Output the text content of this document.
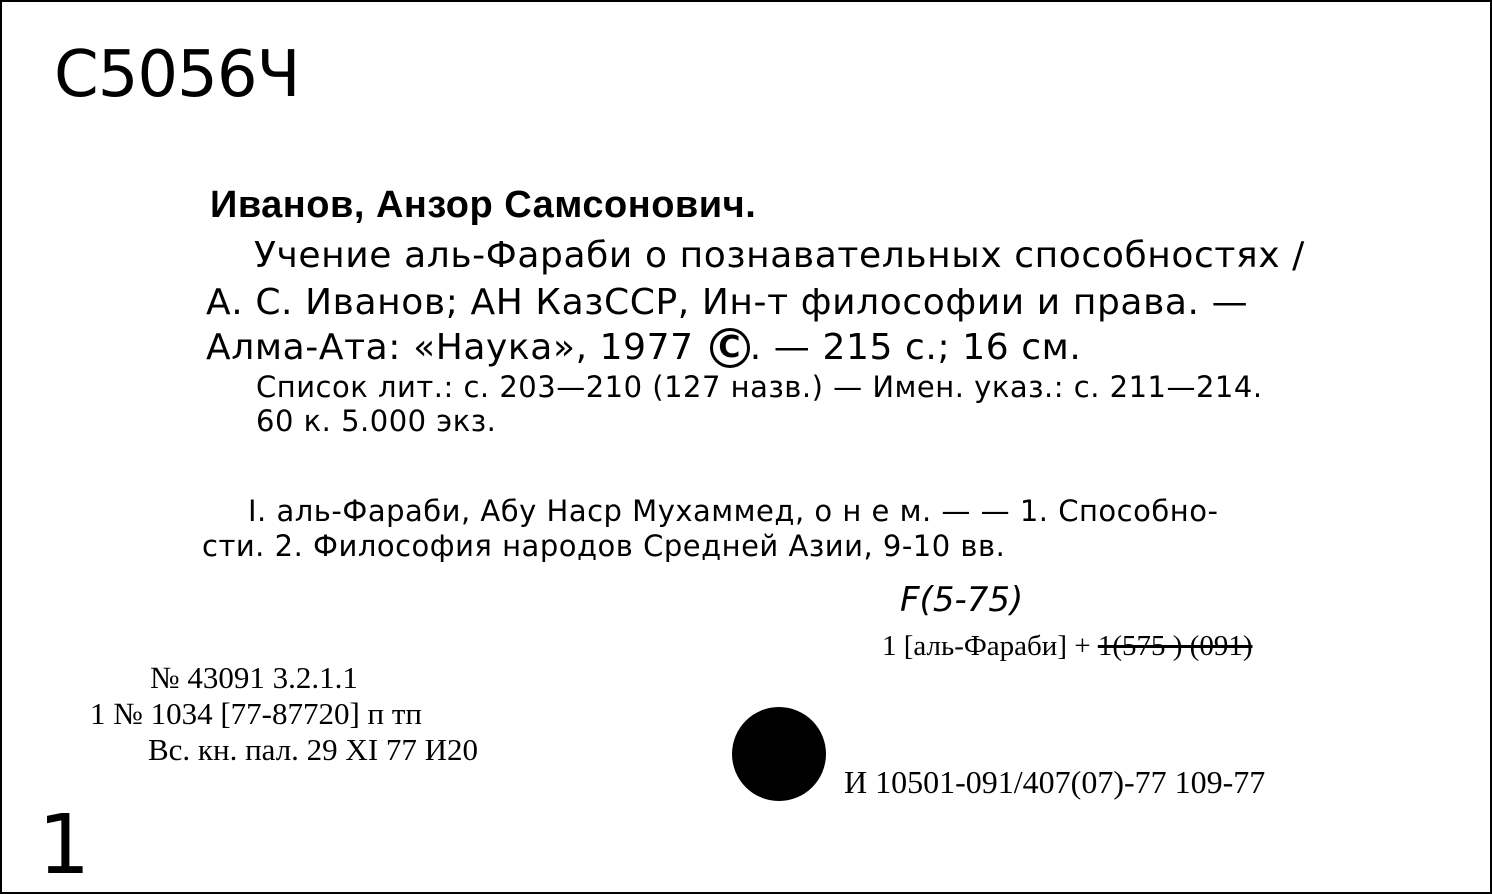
С5056Ч
Иванов, Анзор Самсонович.
Учение аль-Фараби о познавательных способностях /
А. С. Иванов; АН КазССР, Ин-т философии и права. —
Алма-Ата: «Наука», 1977 С . — 215 с.; 16 см.
Список лит.: с. 203—210 (127 назв.) — Имен. указ.: с. 211—214.
60 к. 5.000 экз.
I. аль-Фараби, Абу Наср Мухаммед, о н е м. — — 1. Способно-
сти. 2. Философия народов Средней Азии, 9-10 вв.
F(5-75)
1 [аль-Фараби] + 1(575 ) (091)
№ 43091 3.2.1.1
1 № 1034 [77-87720] п тп
Вс. кн. пал. 29 XI 77 И20
И 10501-091/407(07)-77 109-77
1
